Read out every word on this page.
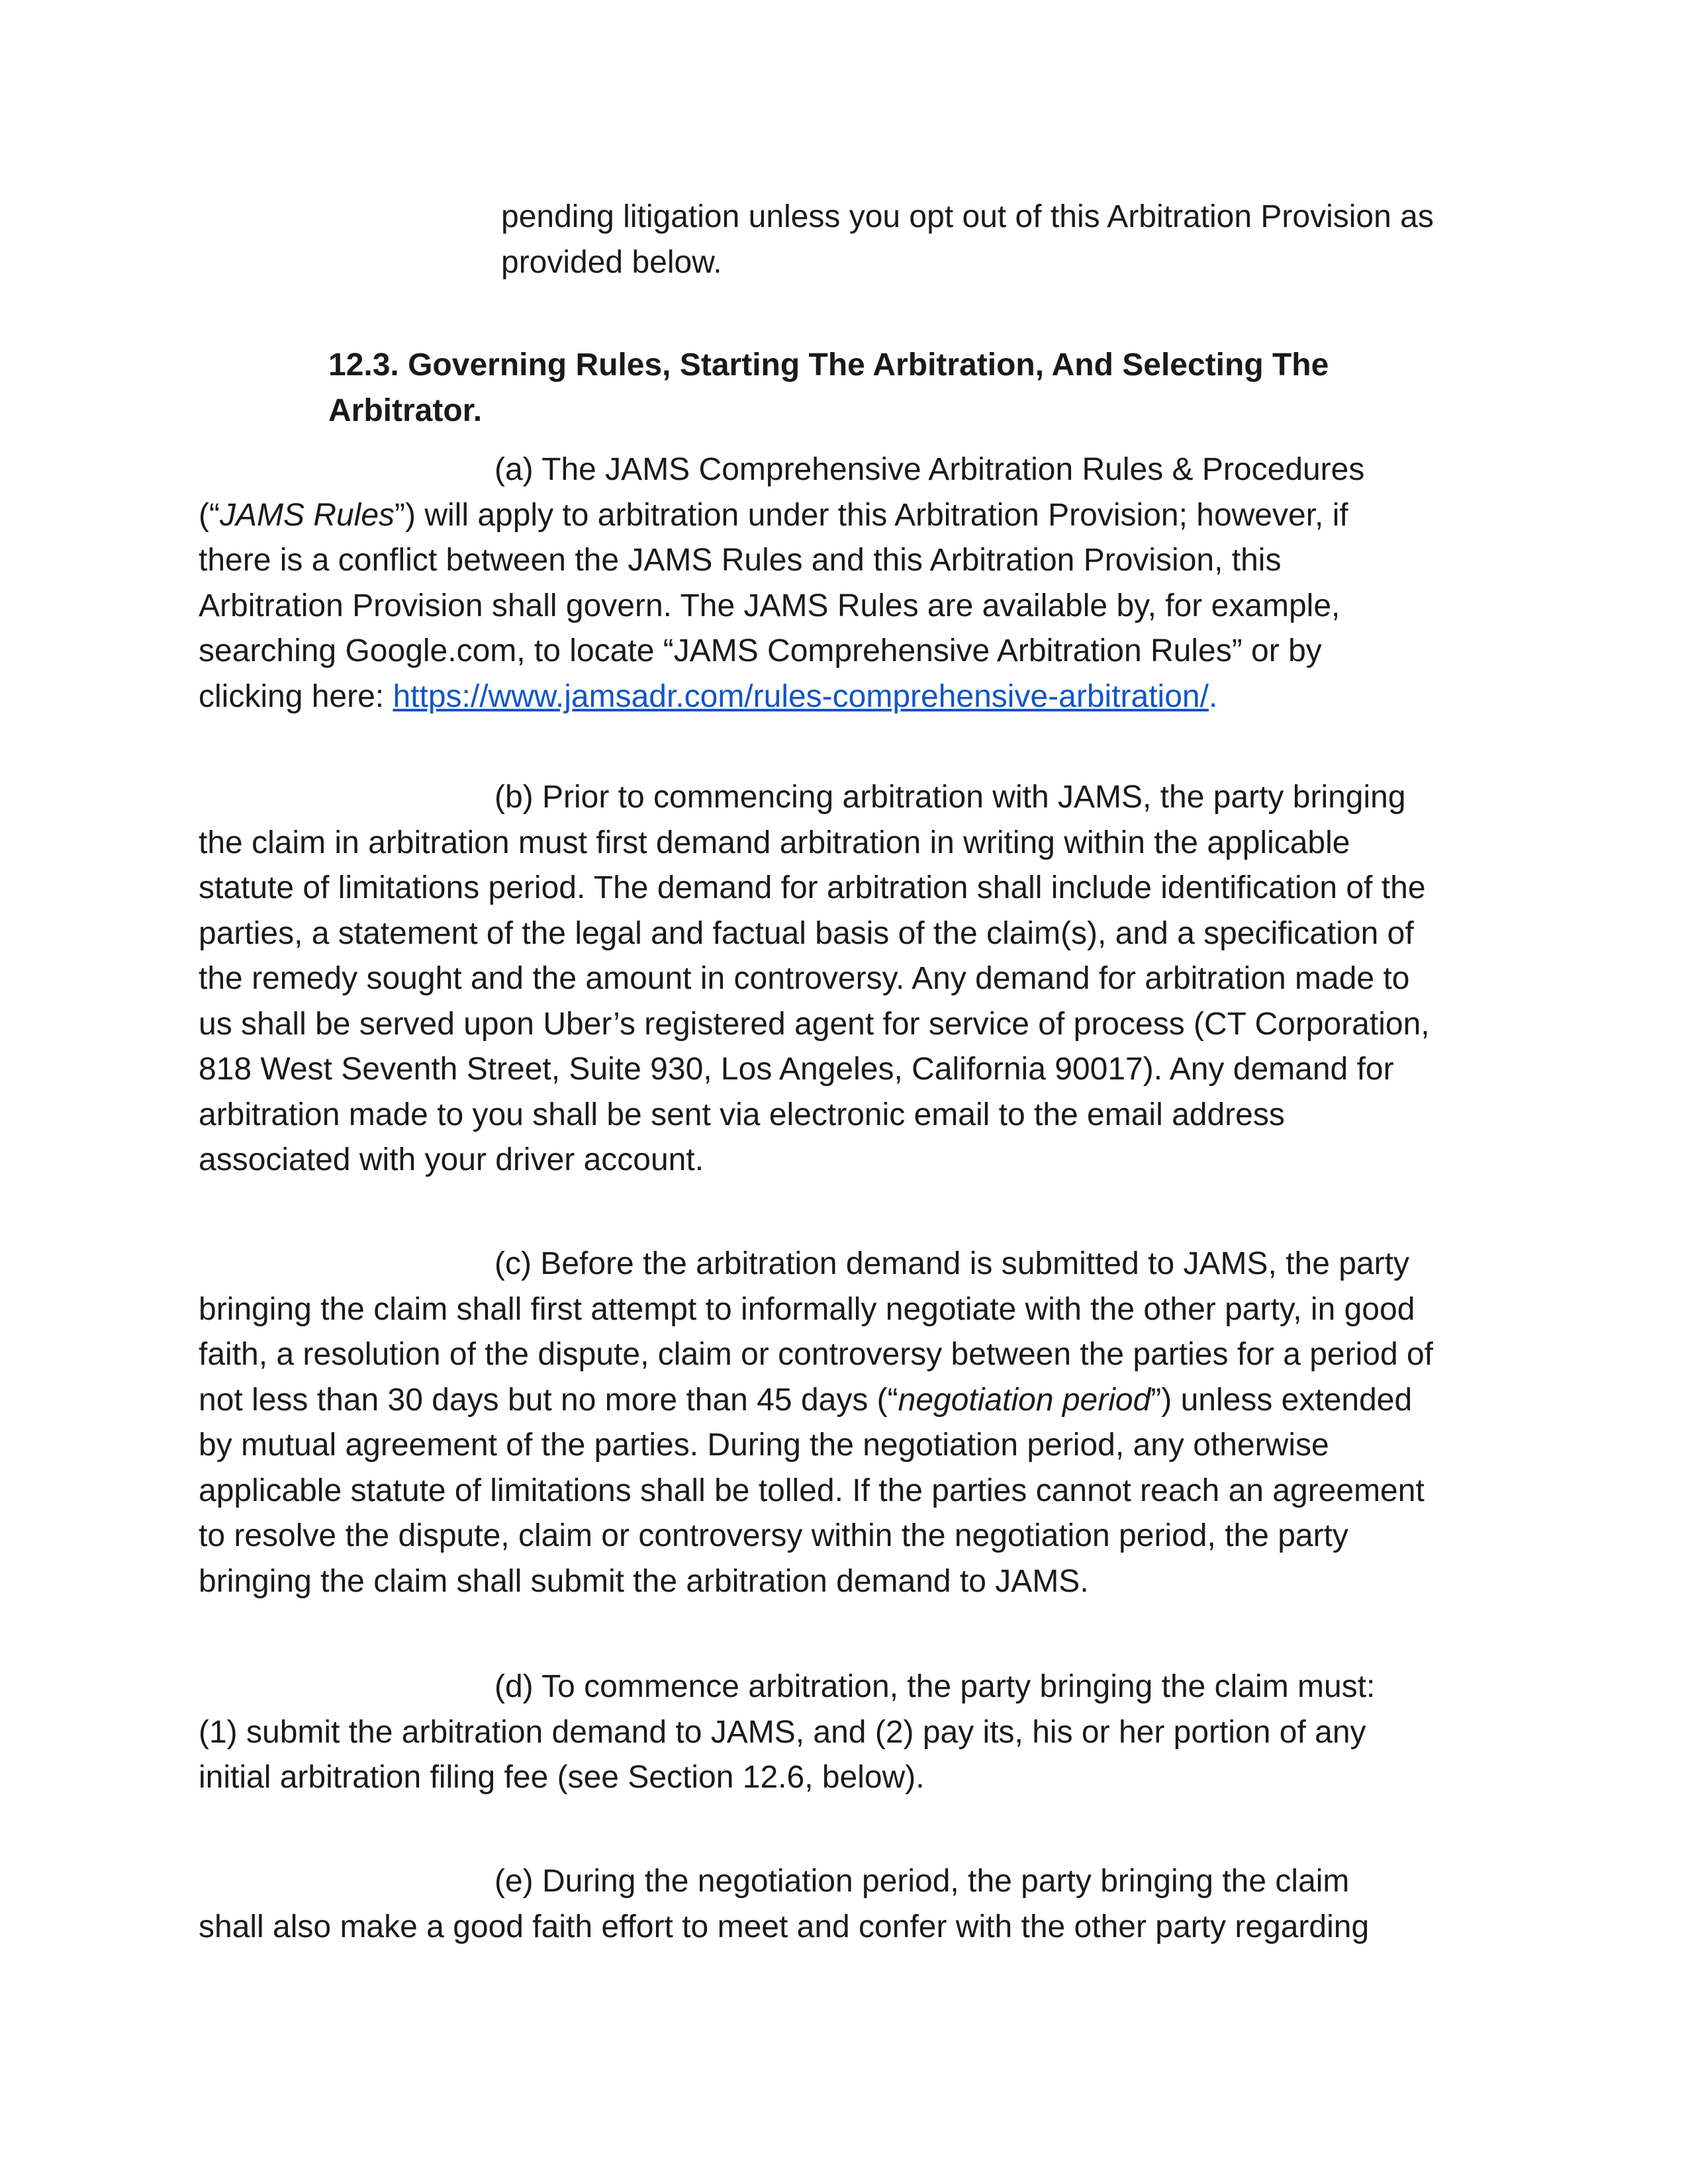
pending litigation unless you opt out of this Arbitration Provision as
provided below.

12.3. Governing Rules, Starting The Arbitration, And Selecting The
Arbitrator.

(a) The JAMS Comprehensive Arbitration Rules & Procedures
(“JAMS Rules”) will apply to arbitration under this Arbitration Provision; however, if
there is a conflict between the JAMS Rules and this Arbitration Provision, this
Arbitration Provision shall govern. The JAMS Rules are available by, for example,
searching Google.com, to locate “JAMS Comprehensive Arbitration Rules” or by
clicking here: https://www.jamsadr.com/rules-comprehensive-arbitration/.

(b) Prior to commencing arbitration with JAMS, the party bringing
the claim in arbitration must first demand arbitration in writing within the applicable
statute of limitations period. The demand for arbitration shall include identification of the
parties, a statement of the legal and factual basis of the claim(s), and a specification of
the remedy sought and the amount in controversy. Any demand for arbitration made to
us shall be served upon Uber’s registered agent for service of process (CT Corporation,
818 West Seventh Street, Suite 930, Los Angeles, California 90017). Any demand for
arbitration made to you shall be sent via electronic email to the email address
associated with your driver account.

(c) Before the arbitration demand is submitted to JAMS, the party
bringing the claim shall first attempt to informally negotiate with the other party, in good
faith, a resolution of the dispute, claim or controversy between the parties for a period of
not less than 30 days but no more than 45 days (“negotiation period”) unless extended
by mutual agreement of the parties. During the negotiation period, any otherwise
applicable statute of limitations shall be tolled. If the parties cannot reach an agreement
to resolve the dispute, claim or controversy within the negotiation period, the party
bringing the claim shall submit the arbitration demand to JAMS.

(d) To commence arbitration, the party bringing the claim must:
(1) submit the arbitration demand to JAMS, and (2) pay its, his or her portion of any
initial arbitration filing fee (see Section 12.6, below).

(e) During the negotiation period, the party bringing the claim
shall also make a good faith effort to meet and confer with the other party regarding
